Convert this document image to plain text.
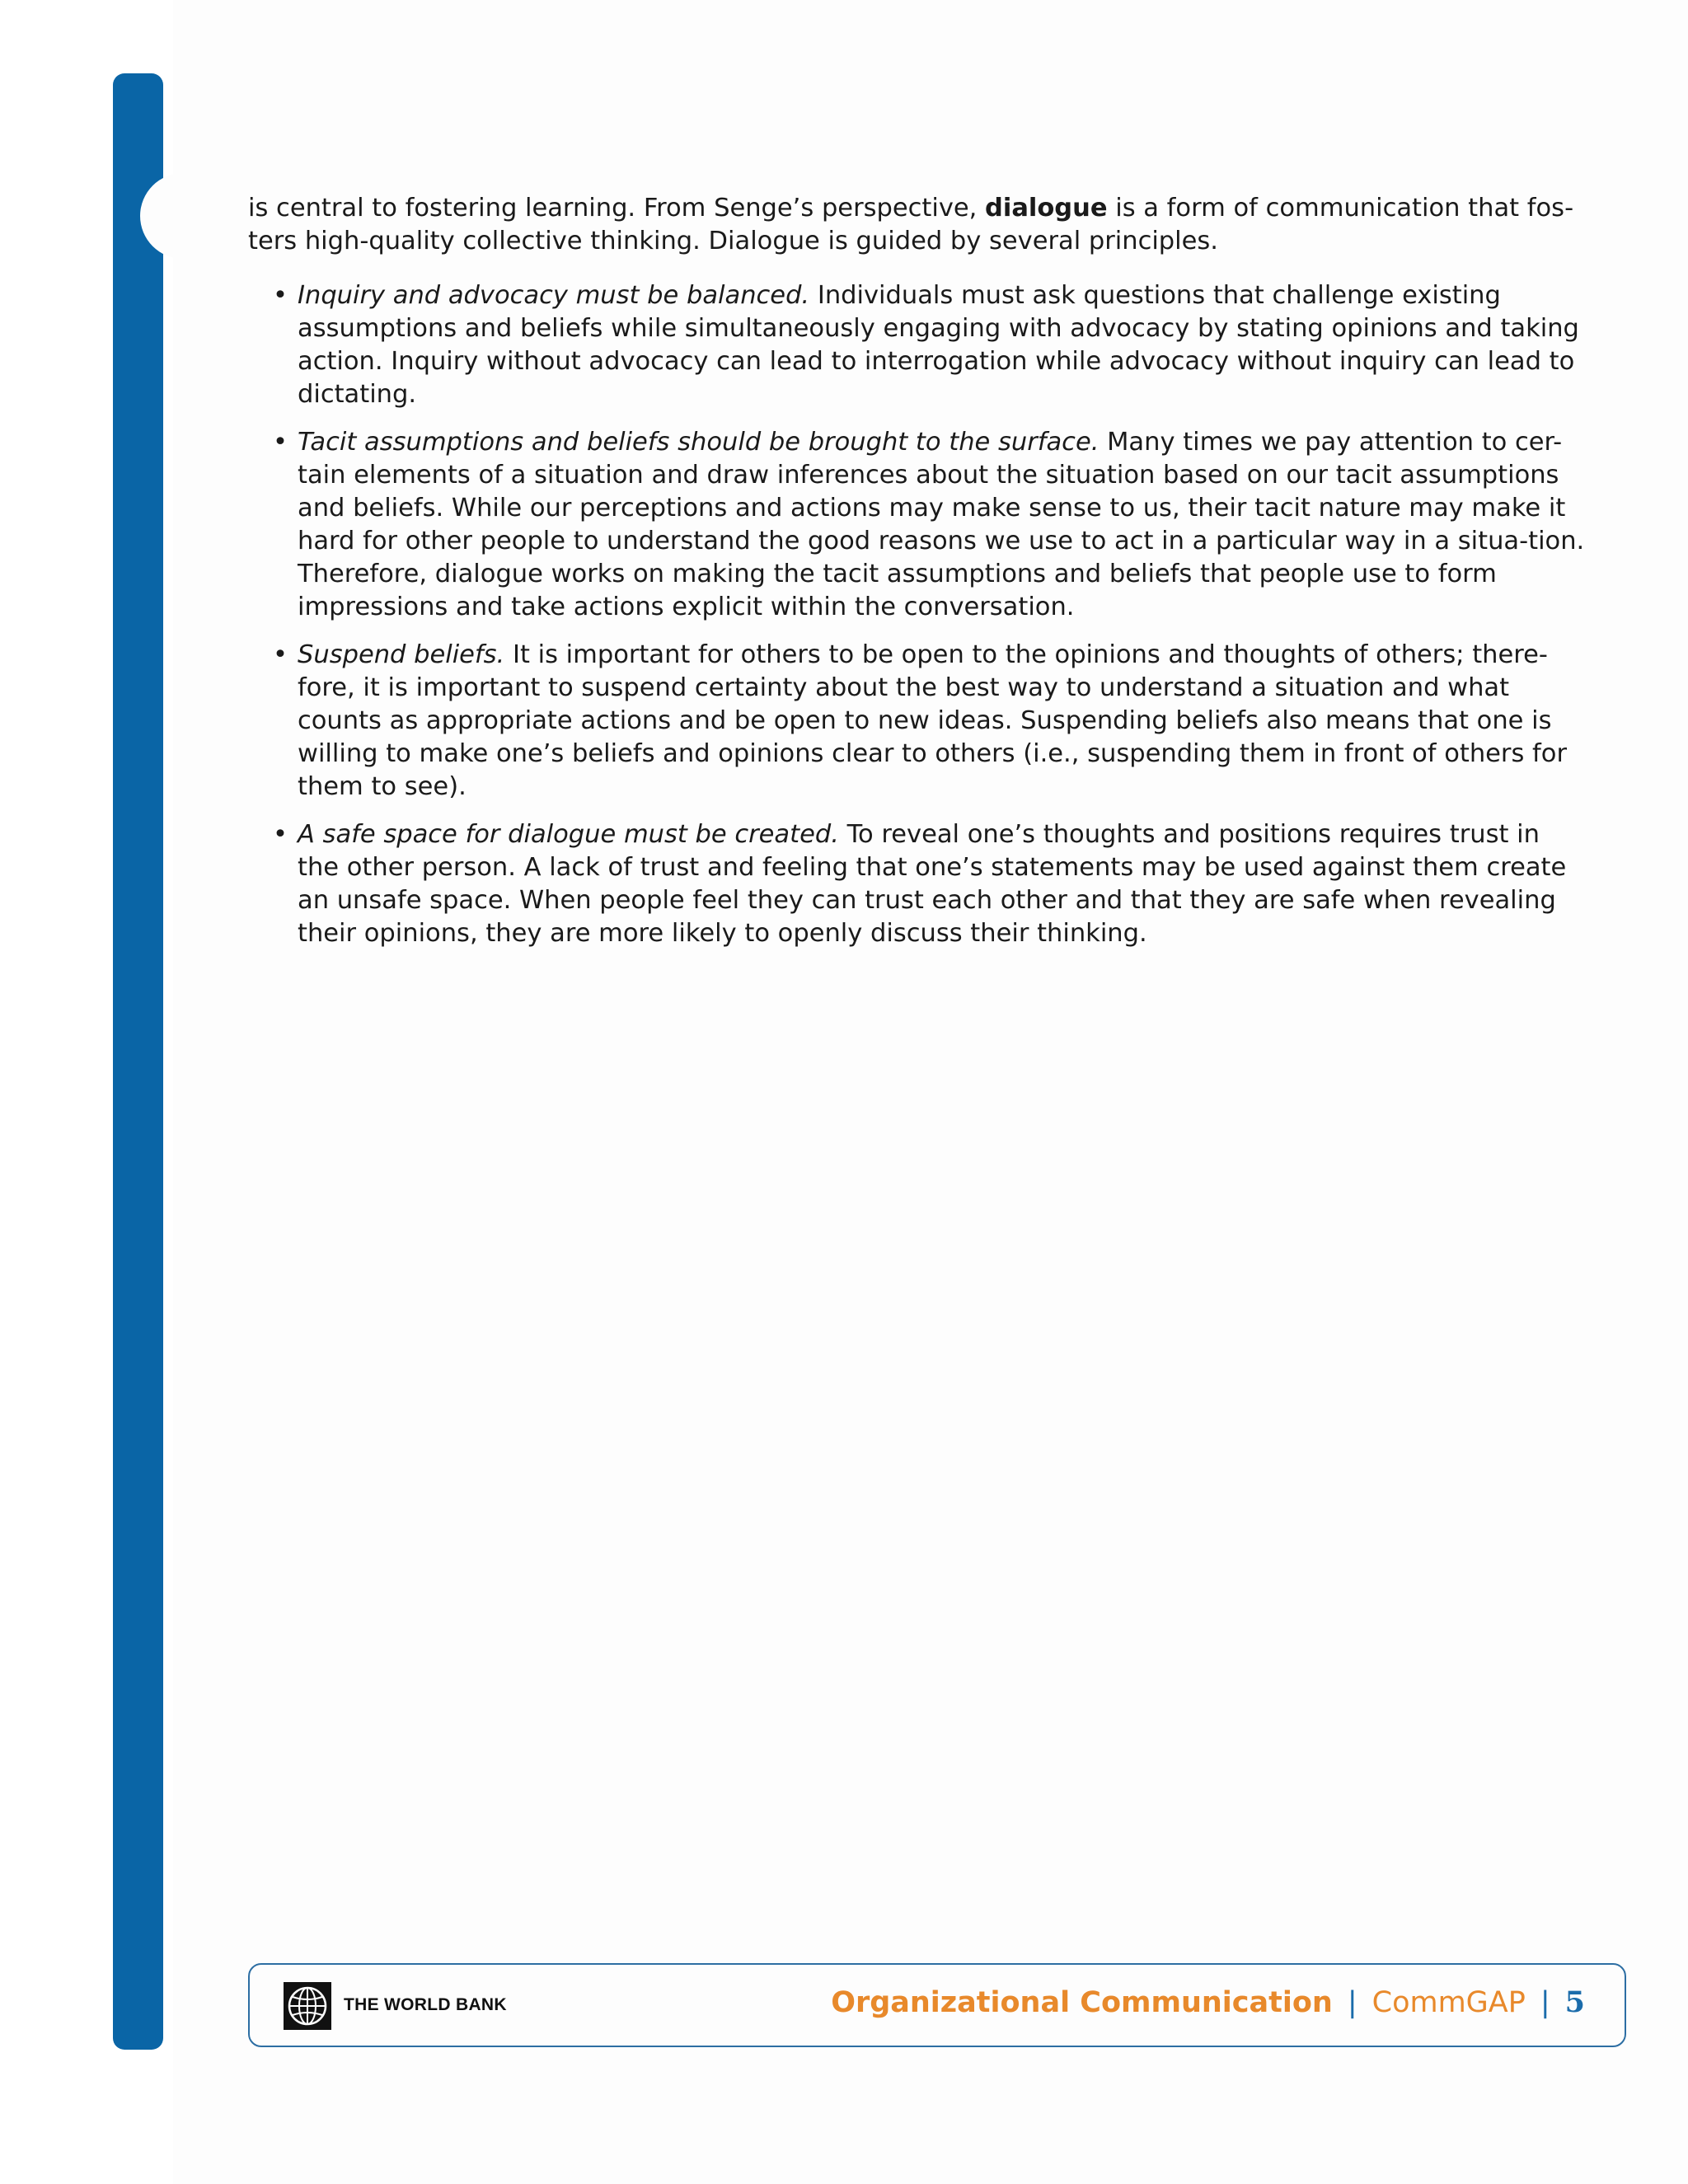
is central to fostering learning. From Senge’s perspective, dialogue is a form of communication that fos-ters high-quality collective thinking. Dialogue is guided by several principles.

• Inquiry and advocacy must be balanced. Individuals must ask questions that challenge existing assumptions and beliefs while simultaneously engaging with advocacy by stating opinions and taking action. Inquiry without advocacy can lead to interrogation while advocacy without inquiry can lead to dictating.
• Tacit assumptions and beliefs should be brought to the surface. Many times we pay attention to cer-tain elements of a situation and draw inferences about the situation based on our tacit assumptions and beliefs. While our perceptions and actions may make sense to us, their tacit nature may make it hard for other people to understand the good reasons we use to act in a particular way in a situa-tion. Therefore, dialogue works on making the tacit assumptions and beliefs that people use to form impressions and take actions explicit within the conversation.
• Suspend beliefs. It is important for others to be open to the opinions and thoughts of others; there-fore, it is important to suspend certainty about the best way to understand a situation and what counts as appropriate actions and be open to new ideas. Suspending beliefs also means that one is willing to make one’s beliefs and opinions clear to others (i.e., suspending them in front of others for them to see).
• A safe space for dialogue must be created. To reveal one’s thoughts and positions requires trust in the other person. A lack of trust and feeling that one’s statements may be used against them create an unsafe space. When people feel they can trust each other and that they are safe when revealing their opinions, they are more likely to openly discuss their thinking.
THE WORLD BANK	Organizational Communication | CommGAP | 5
